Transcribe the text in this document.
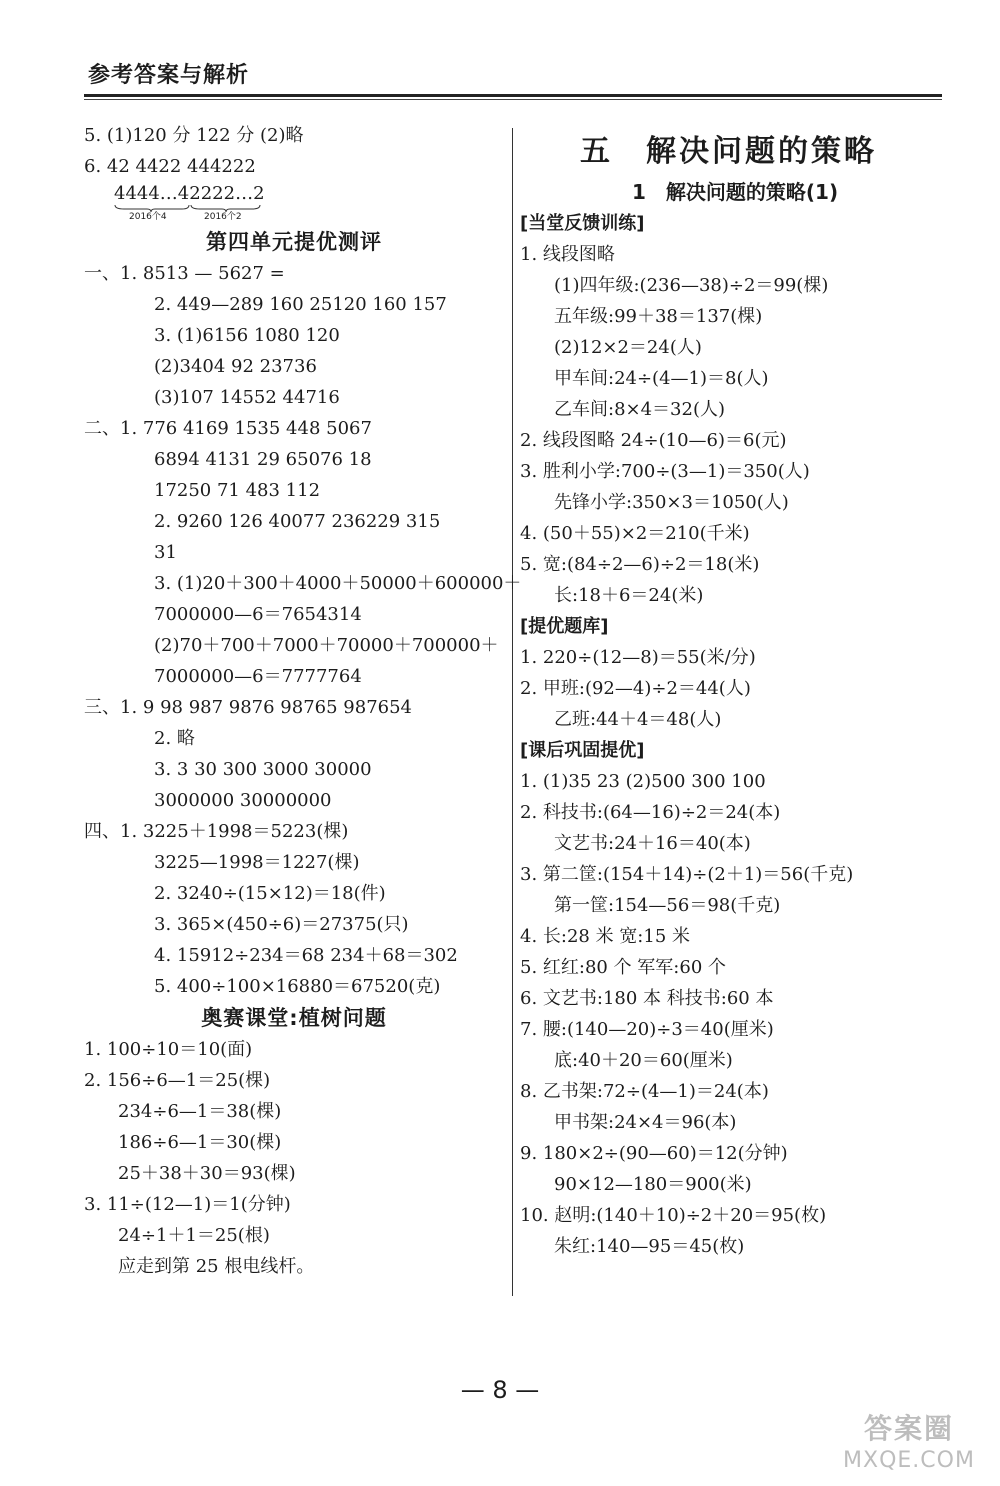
参考答案与解析
5. (1)120 分 122 分 (2)略
6. 42 4422 444222
4444…42222…2
2016个4	2016个2
第四单元提优测评
一、1. 8513 — 5627 =
2. 449—289 160 25120 160 157
3. (1)6156 1080 120
(2)3404 92 23736
(3)107 14552 44716
二、1. 776 4169 1535 448 5067
6894 4131 29 65076 18
17250 71 483 112
2. 9260 126 40077 236229 315
31
3. (1)20＋300＋4000＋50000＋600000＋
7000000—6＝7654314
(2)70＋700＋7000＋70000＋700000＋
7000000—6＝7777764
三、1. 9 98 987 9876 98765 987654
2. 略
3. 3 30 300 3000 30000
3000000 30000000
四、1. 3225＋1998＝5223(棵)
3225—1998＝1227(棵)
2. 3240÷(15×12)＝18(件)
3. 365×(450÷6)＝27375(只)
4. 15912÷234＝68 234＋68＝302
5. 400÷100×16880＝67520(克)
奥赛课堂:植树问题
1. 100÷10＝10(面)
2. 156÷6—1＝25(棵)
234÷6—1＝38(棵)
186÷6—1＝30(棵)
25＋38＋30＝93(棵)
3. 11÷(12—1)＝1(分钟)
24÷1＋1＝25(根)
应走到第 25 根电线杆。
五　解决问题的策略
1　解决问题的策略(1)
[当堂反馈训练]
1. 线段图略
(1)四年级:(236—38)÷2＝99(棵)
五年级:99＋38＝137(棵)
(2)12×2＝24(人)
甲车间:24÷(4—1)＝8(人)
乙车间:8×4＝32(人)
2. 线段图略 24÷(10—6)＝6(元)
3. 胜利小学:700÷(3—1)＝350(人)
先锋小学:350×3＝1050(人)
4. (50＋55)×2＝210(千米)
5. 宽:(84÷2—6)÷2＝18(米)
长:18＋6＝24(米)
[提优题库]
1. 220÷(12—8)＝55(米/分)
2. 甲班:(92—4)÷2＝44(人)
乙班:44＋4＝48(人)
[课后巩固提优]
1. (1)35 23 (2)500 300 100
2. 科技书:(64—16)÷2＝24(本)
文艺书:24＋16＝40(本)
3. 第二筐:(154＋14)÷(2＋1)＝56(千克)
第一筐:154—56＝98(千克)
4. 长:28 米 宽:15 米
5. 红红:80 个 军军:60 个
6. 文艺书:180 本 科技书:60 本
7. 腰:(140—20)÷3＝40(厘米)
底:40＋20＝60(厘米)
8. 乙书架:72÷(4—1)＝24(本)
甲书架:24×4＝96(本)
9. 180×2÷(90—60)＝12(分钟)
90×12—180＝900(米)
10. 赵明:(140＋10)÷2＋20＝95(枚)
朱红:140—95＝45(枚)
— 8 —
答案圈
MXQE.COM
